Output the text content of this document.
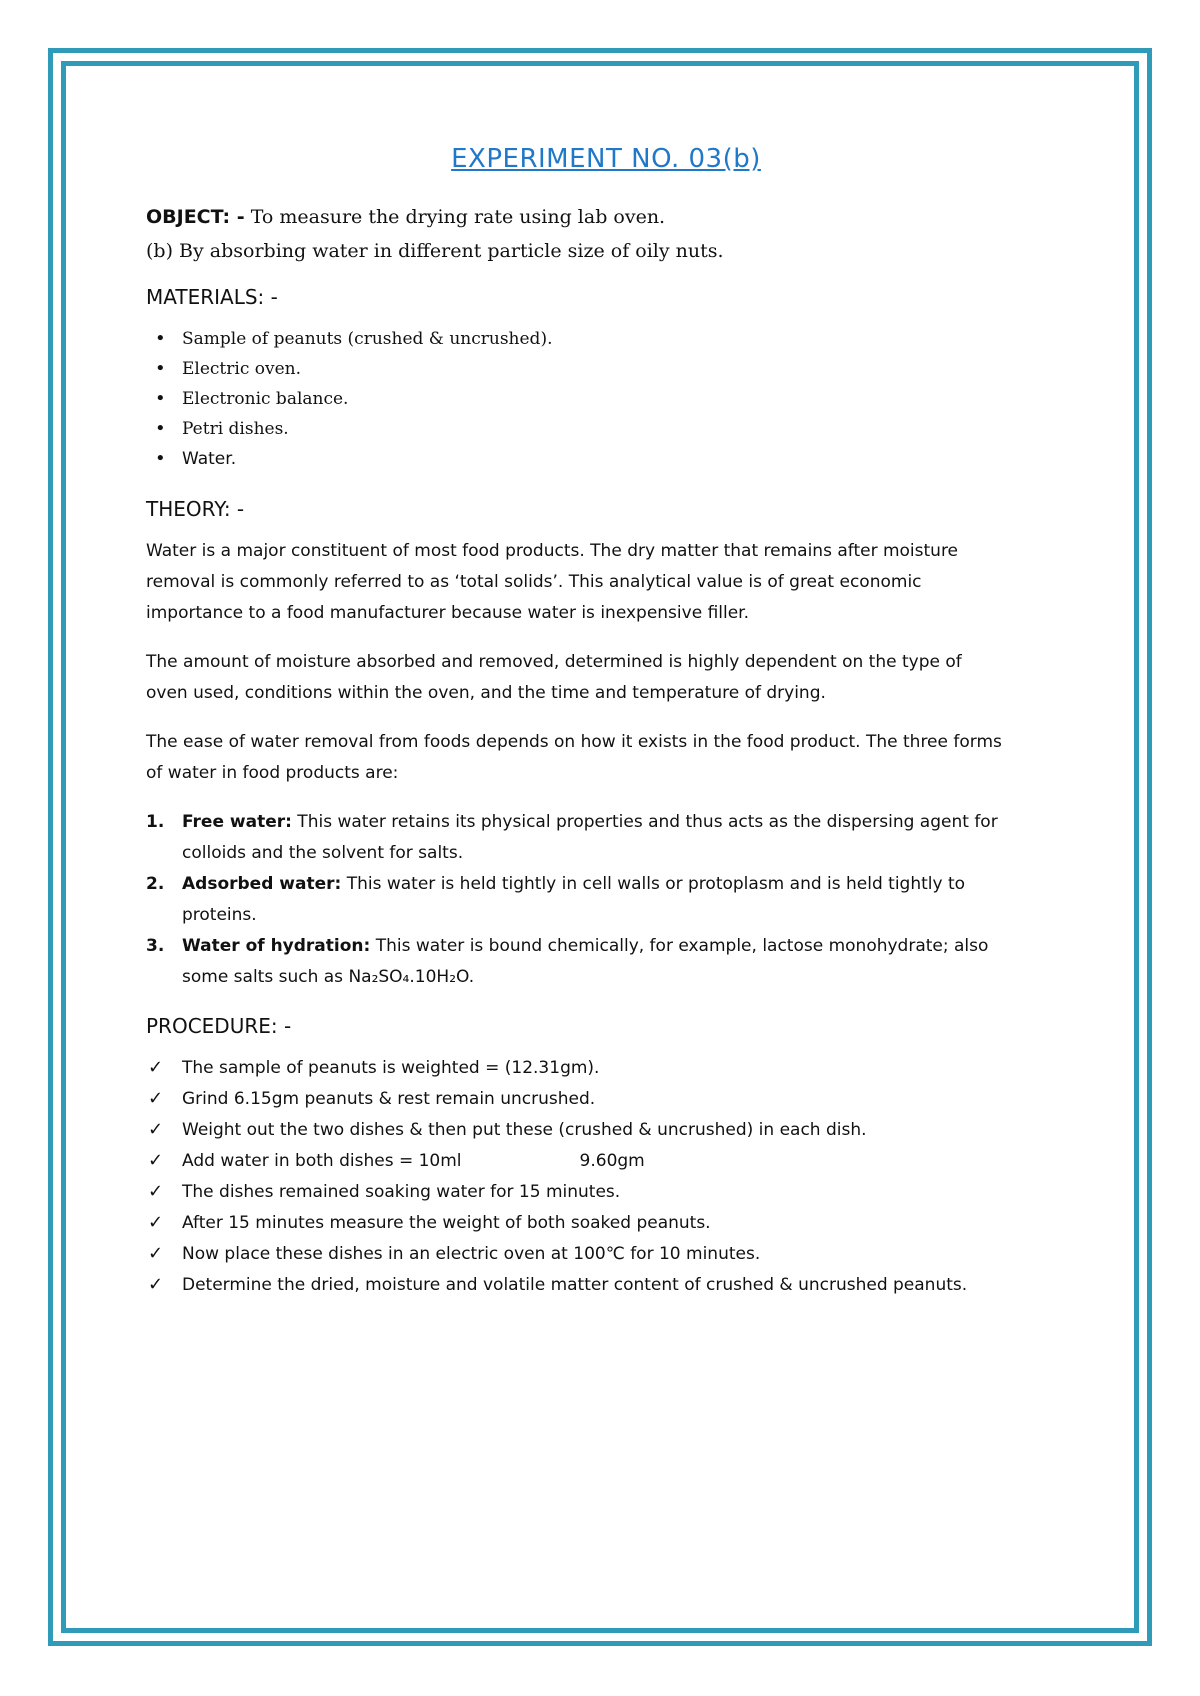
EXPERIMENT NO. 03(b)
OBJECT: - To measure the drying rate using lab oven.
(b) By absorbing water in different particle size of oily nuts.
MATERIALS: -
• Sample of peanuts (crushed & uncrushed).
• Electric oven.
• Electronic balance.
• Petri dishes.
• Water.
THEORY: -

Water is a major constituent of most food products. The dry matter that remains after moisture
removal is commonly referred to as ‘total solids’. This analytical value is of great economic
importance to a food manufacturer because water is inexpensive filler.

The amount of moisture absorbed and removed, determined is highly dependent on the type of
oven used, conditions within the oven, and the time and temperature of drying.

The ease of water removal from foods depends on how it exists in the food product. The three forms
of water in food products are:

1. Free water: This water retains its physical properties and thus acts as the dispersing agent for
colloids and the solvent for salts.
2. Adsorbed water: This water is held tightly in cell walls or protoplasm and is held tightly to
proteins.
3. Water of hydration: This water is bound chemically, for example, lactose monohydrate; also
some salts such as Na₂SO₄.10H₂O.
PROCEDURE: -
✓ The sample of peanuts is weighted = (12.31gm).
✓ Grind 6.15gm peanuts & rest remain uncrushed.
✓ Weight out the two dishes & then put these (crushed & uncrushed) in each dish.
✓ Add water in both dishes = 10ml	9.60gm
✓ The dishes remained soaking water for 15 minutes.
✓ After 15 minutes measure the weight of both soaked peanuts.
✓ Now place these dishes in an electric oven at 100℃ for 10 minutes.
✓ Determine the dried, moisture and volatile matter content of crushed & uncrushed peanuts.
